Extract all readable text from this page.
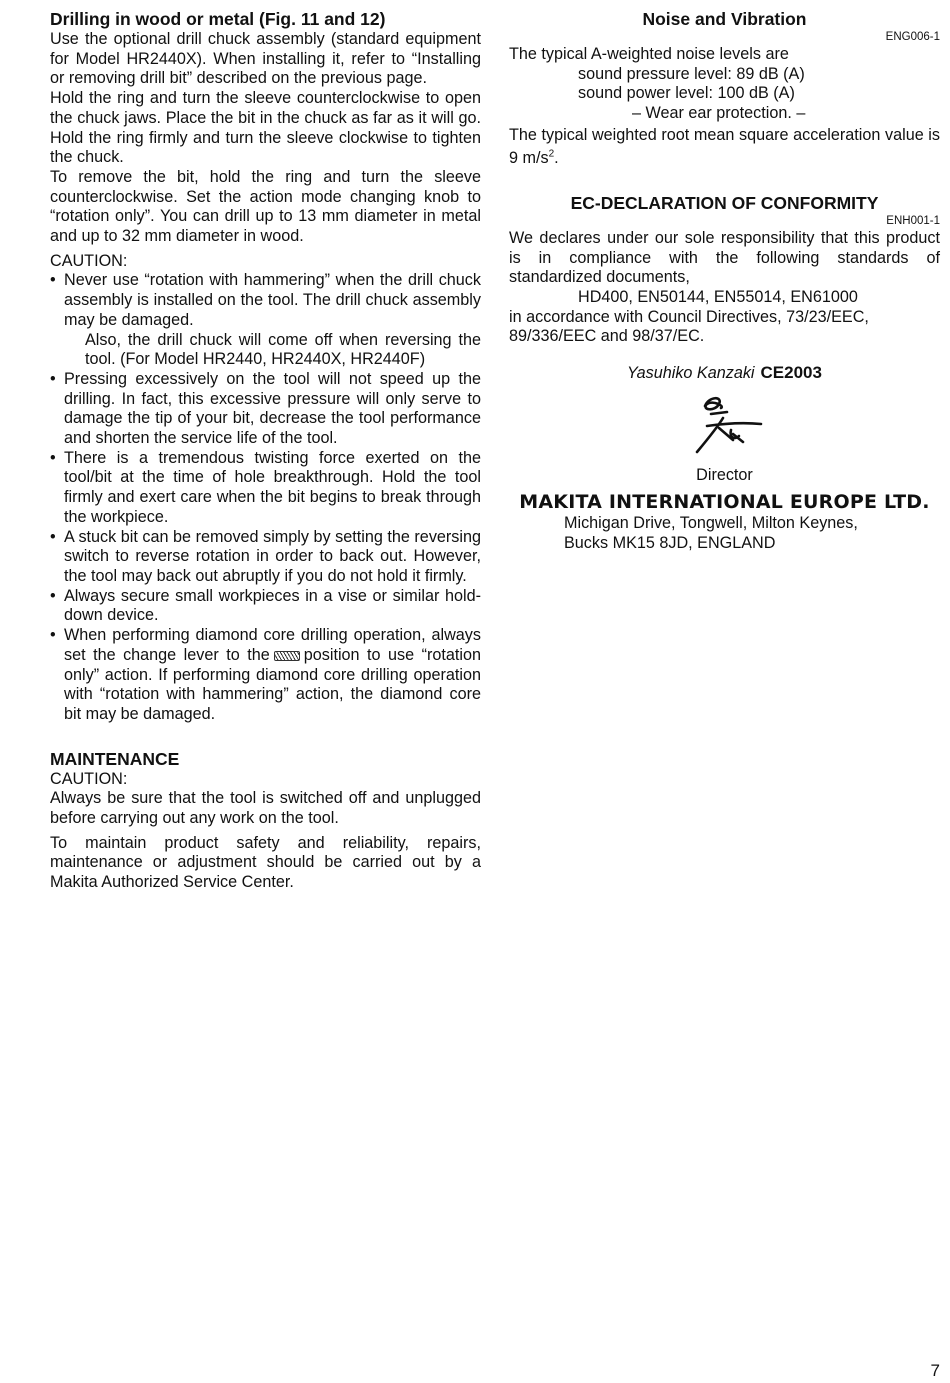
Drilling in wood or metal (Fig. 11 and 12)

Use the optional drill chuck assembly (standard equipment for Model HR2440X). When installing it, refer to “Installing or removing drill bit” described on the previous page.

Hold the ring and turn the sleeve counterclockwise to open the chuck jaws. Place the bit in the chuck as far as it will go. Hold the ring firmly and turn the sleeve clockwise to tighten the chuck.

To remove the bit, hold the ring and turn the sleeve counterclockwise. Set the action mode changing knob to “rotation only”. You can drill up to 13 mm diameter in metal and up to 32 mm diameter in wood.

CAUTION:

• Never use “rotation with hammering” when the drill chuck assembly is installed on the tool. The drill chuck assembly may be damaged.

Also, the drill chuck will come off when reversing the tool. (For Model HR2440, HR2440X, HR2440F)

• Pressing excessively on the tool will not speed up the drilling. In fact, this excessive pressure will only serve to damage the tip of your bit, decrease the tool performance and shorten the service life of the tool.
• There is a tremendous twisting force exerted on the tool/bit at the time of hole breakthrough. Hold the tool firmly and exert care when the bit begins to break through the workpiece.
• A stuck bit can be removed simply by setting the reversing switch to reverse rotation in order to back out. However, the tool may back out abruptly if you do not hold it firmly.
• Always secure small workpieces in a vise or similar hold-down device.
• When performing diamond core drilling operation, always set the change lever to the position to use “rotation only” action. If performing diamond core drilling operation with “rotation with hammering” action, the diamond core bit may be damaged.
MAINTENANCE

CAUTION:

Always be sure that the tool is switched off and unplugged before carrying out any work on the tool.

To maintain product safety and reliability, repairs, maintenance or adjustment should be carried out by a Makita Authorized Service Center.

Noise and Vibration
ENG006-1

The typical A-weighted noise levels are

sound pressure level: 89 dB (A)

sound power level: 100 dB (A)

– Wear ear protection. –

The typical weighted root mean square acceleration value is 9 $m/s^2$.

EC-DECLARATION OF CONFORMITY
ENH001-1

We declares under our sole responsibility that this product is in compliance with the following standards of standardized documents,

HD400, EN50144, EN55014, EN61000

in accordance with Council Directives, 73/23/EEC, 89/336/EEC and 98/37/EC.

Yasuhiko Kanzaki CE2003

Director

MAKITA INTERNATIONAL EUROPE LTD.

Michigan Drive, Tongwell, Milton Keynes,

Bucks MK15 8JD, ENGLAND

7
